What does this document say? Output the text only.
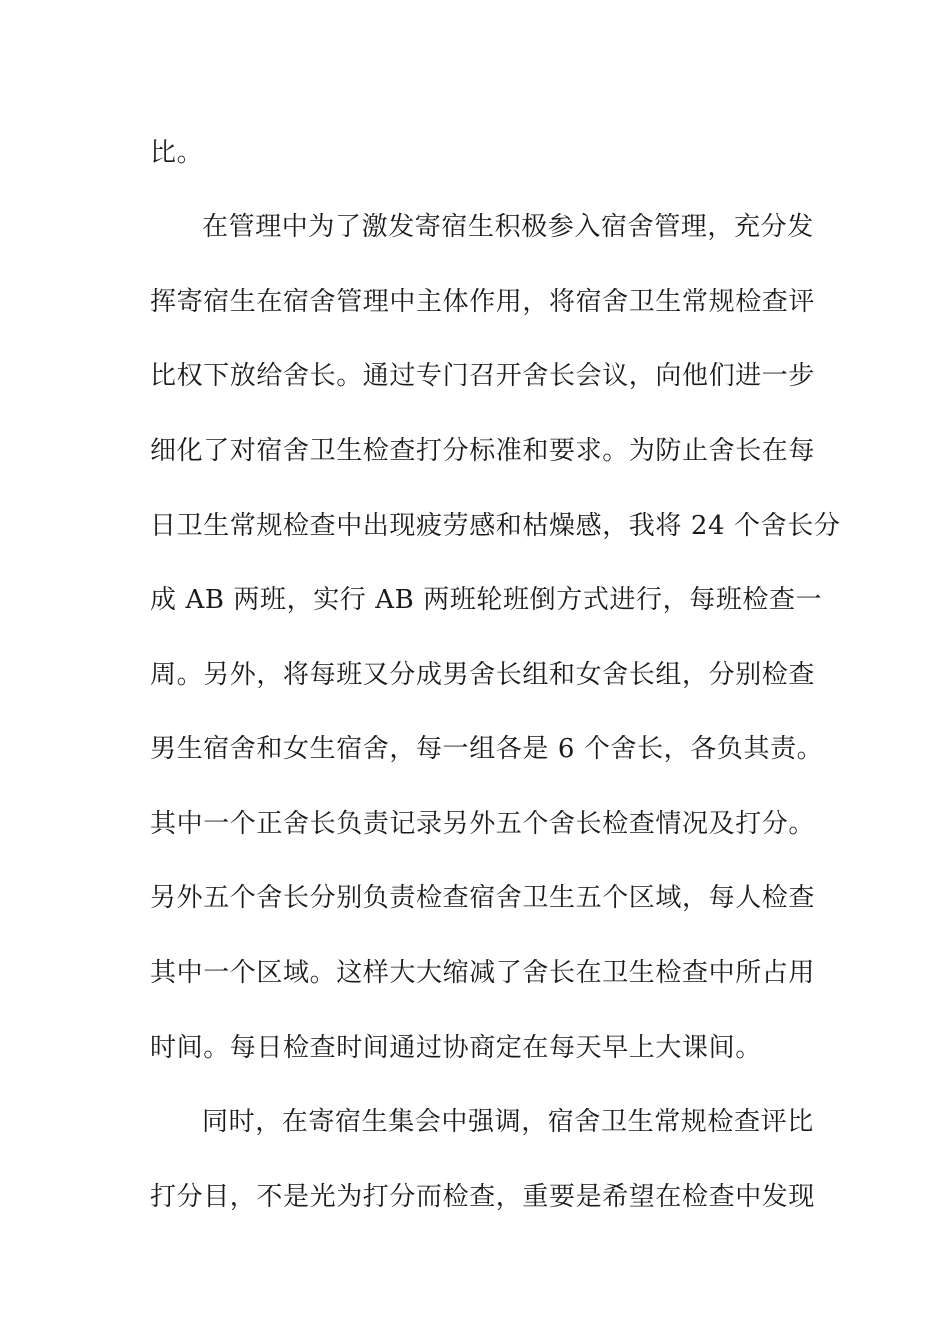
比。
在管理中为了激发寄宿生积极参入宿舍管理，充分发
挥寄宿生在宿舍管理中主体作用，将宿舍卫生常规检查评
比权下放给舍长。通过专门召开舍长会议，向他们进一步
细化了对宿舍卫生检查打分标准和要求。为防止舍长在每
日卫生常规检查中出现疲劳感和枯燥感，我将 24 个舍长分
成 AB 两班，实行 AB 两班轮班倒方式进行，每班检查一
周。另外，将每班又分成男舍长组和女舍长组，分别检查
男生宿舍和女生宿舍，每一组各是 6 个舍长，各负其责。
其中一个正舍长负责记录另外五个舍长检查情况及打分。
另外五个舍长分别负责检查宿舍卫生五个区域，每人检查
其中一个区域。这样大大缩减了舍长在卫生检查中所占用
时间。每日检查时间通过协商定在每天早上大课间。
同时，在寄宿生集会中强调，宿舍卫生常规检查评比
打分目，不是光为打分而检查，重要是希望在检查中发现
